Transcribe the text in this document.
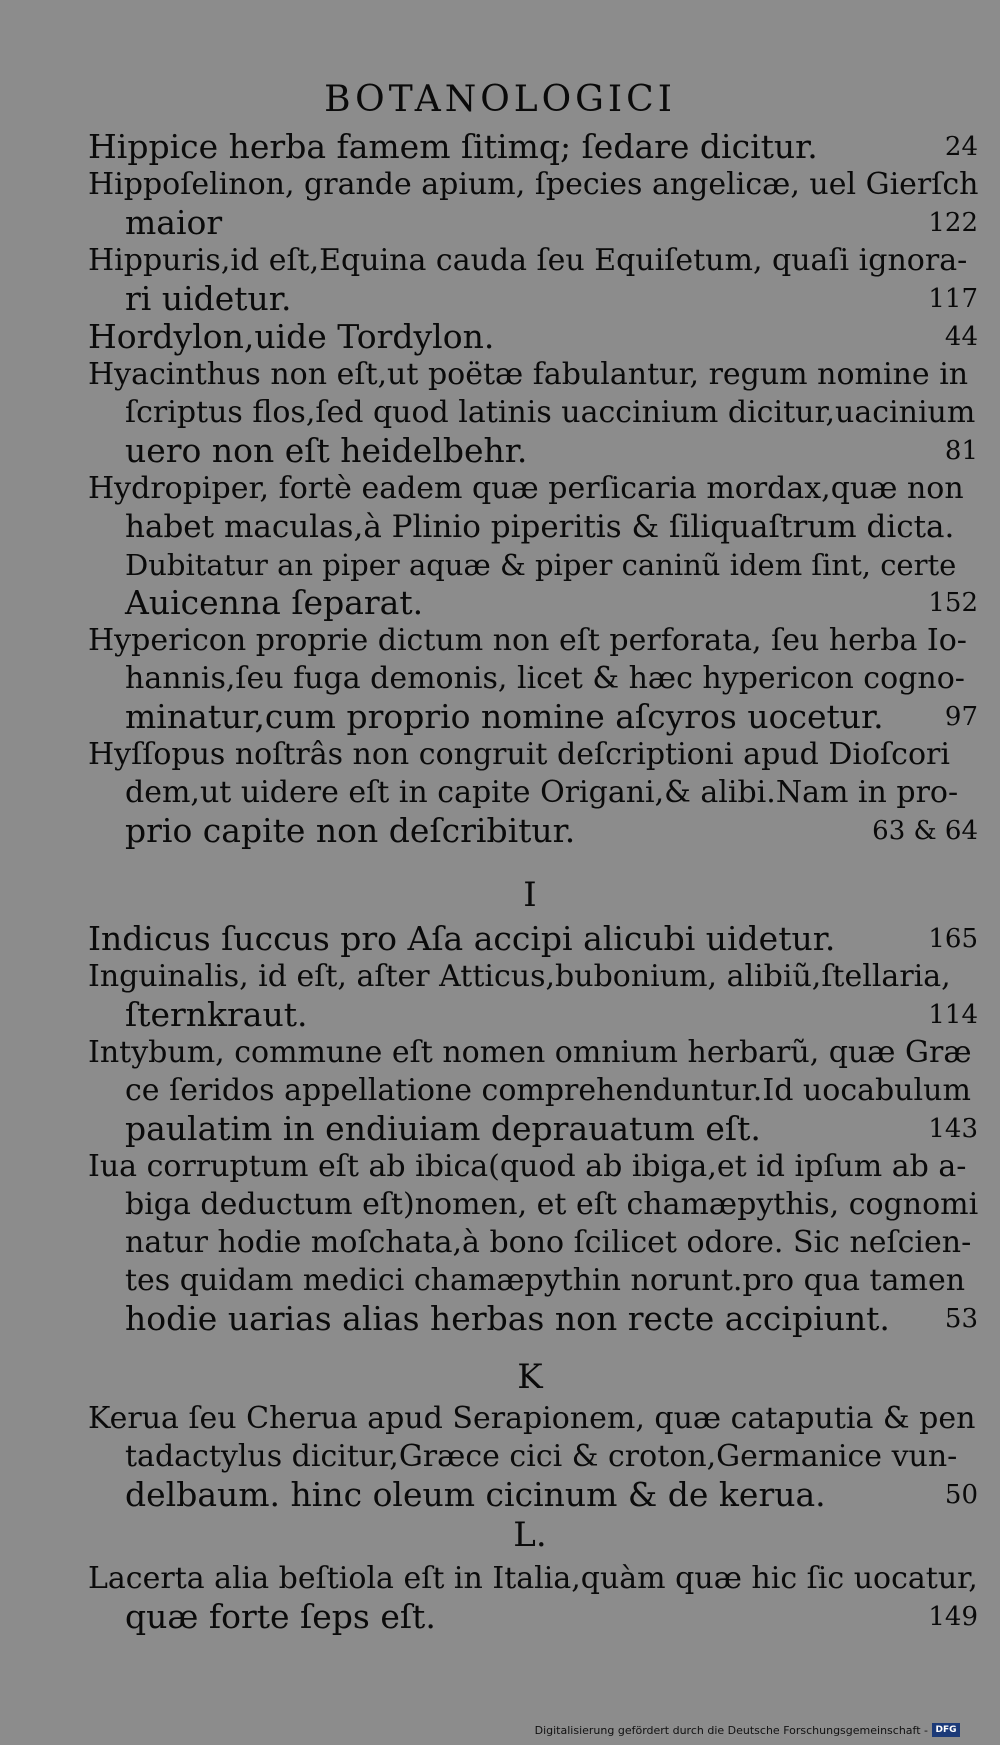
BOTANOLOGICI
Hippice herba famem ſitimq; ſedare dicitur.	24
Hippoſelinon, grande apium, ſpecies angelicæ, uel Gierſch
maior	122
Hippuris,id eſt,Equina cauda ſeu Equiſetum, quaſi ignora-
ri uidetur.	117
Hordylon,uide Tordylon.	44
Hyacinthus non eſt,ut poëtæ fabulantur, regum nomine in
ſcriptus flos,ſed quod latinis uaccinium dicitur,uacinium
uero non eſt heidelbehr.	81
Hydropiper, fortè eadem quæ perſicaria mordax,quæ non
habet maculas,à Plinio piperitis & ſiliquaſtrum dicta.
Dubitatur an piper aquæ & piper caninũ idem ſint, certe
Auicenna ſeparat.	152
Hypericon proprie dictum non eſt perforata, ſeu herba Io-
hannis,ſeu fuga demonis, licet & hæc hypericon cogno-
minatur,cum proprio nomine aſcyros uocetur. 97
Hyſſopus noſtrâs non congruit deſcriptioni apud Dioſcori
dem,ut uidere eſt in capite Origani,& alibi.Nam in pro-
prio capite non deſcribitur.	63 & 64
I
Indicus ſuccus pro Aſa accipi alicubi uidetur.	165
Inguinalis, id eſt, aſter Atticus,bubonium, alibiũ,ſtellaria,
ſternkraut.	114
Intybum, commune eſt nomen omnium herbarũ, quæ Græ
ce ſeridos appellatione comprehenduntur.Id uocabulum
paulatim in endiuiam deprauatum eſt.	143
Iua corruptum eſt ab ibica(quod ab ibiga,et id ipſum ab a-
biga deductum eſt)nomen, et eſt chamæpythis, cognomi
natur hodie moſchata,à bono ſcilicet odore. Sic neſcien-
tes quidam medici chamæpythin norunt.pro qua tamen
hodie uarias alias herbas non recte accipiunt. 53
K
Kerua ſeu Cherua apud Serapionem, quæ cataputia & pen
tadactylus dicitur,Græce cici & croton,Germanice vun-
delbaum. hinc oleum cicinum & de kerua.	50
L.
Lacerta alia beſtiola eſt in Italia,quàm quæ hic ſic uocatur,
quæ forte ſeps eſt.	149
Digitalisierung gefördert durch die Deutsche Forschungsgemeinschaft - DFG
